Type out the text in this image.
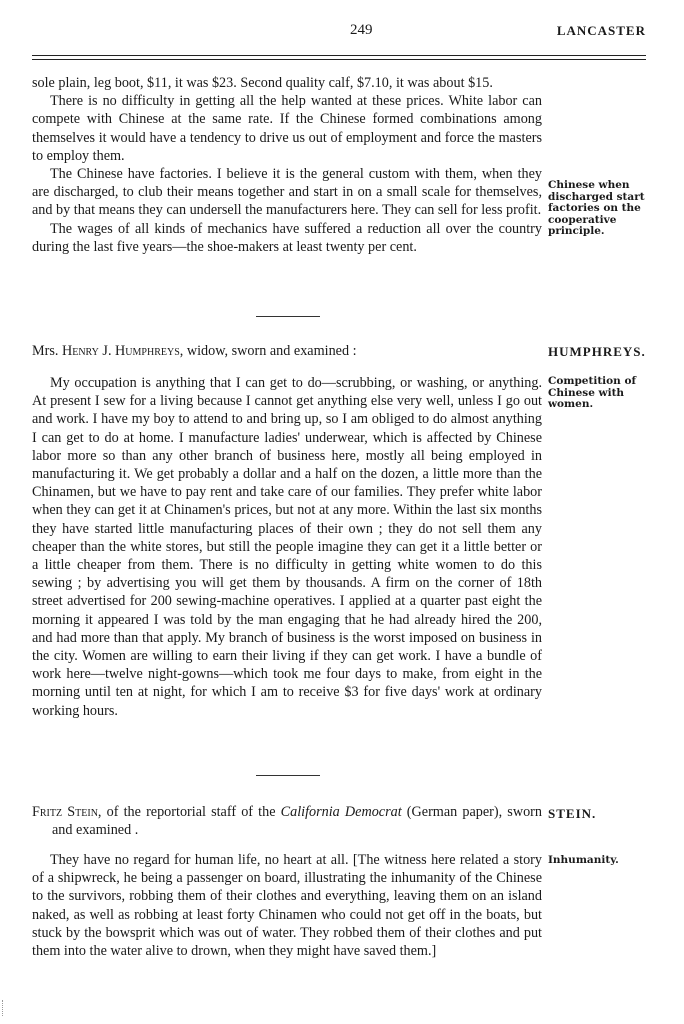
249	LANCASTER

sole plain, leg boot, $11, it was $23. Second quality calf, $7.10, it was about $15.

There is no difficulty in getting all the help wanted at these prices. White labor can compete with Chinese at the same rate. If the Chinese formed combinations among themselves it would have a tendency to drive us out of employment and force the masters to employ them.

The Chinese have factories. I believe it is the general custom with them, when they are discharged, to club their means together and start in on a small scale for themselves, and by that means they can undersell the manufacturers here. They can sell for less profit.

The wages of all kinds of mechanics have suffered a reduction all over the country during the last five years—the shoe-makers at least twenty per cent.

Chinese when discharged start factories on the cooperative principle.

Mrs. Henry J. Humphreys, widow, sworn and examined :	HUMPHREYS.

My occupation is anything that I can get to do—scrubbing, or washing, or anything. At present I sew for a living because I cannot get anything else very well, unless I go out and work. I have my boy to attend to and bring up, so I am obliged to do almost anything I can get to do at home. I manufacture ladies' underwear, which is affected by Chinese labor more so than any other branch of business here, mostly all being employed in manufacturing it. We get probably a dollar and a half on the dozen, a little more than the Chinamen, but we have to pay rent and take care of our families. They prefer white labor when they can get it at Chinamen's prices, but not at any more. Within the last six months they have started little manufacturing places of their own ; they do not sell them any cheaper than the white stores, but still the people imagine they can get it a little better or a little cheaper from them. There is no difficulty in getting white women to do this sewing ; by advertising you will get them by thousands. A firm on the corner of 18th street advertised for 200 sewing-machine operatives. I applied at a quarter past eight the morning it appeared I was told by the man engaging that he had already hired the 200, and had more than that apply. My branch of business is the worst imposed on business in the city. Women are willing to earn their living if they can get work. I have a bundle of work here—twelve night-gowns—which took me four days to make, from eight in the morning until ten at night, for which I am to receive $3 for five days' work at ordinary working hours.

Competition of Chinese with women.

Fritz Stein, of the reportorial staff of the California Democrat (German paper), sworn and examined .

STEIN.

They have no regard for human life, no heart at all. [The witness here related a story of a shipwreck, he being a passenger on board, illustrating the inhumanity of the Chinese to the survivors, robbing them of their clothes and everything, leaving them on an island naked, as well as robbing at least forty Chinamen who could not get off in the boats, but stuck by the bowsprit which was out of water. They robbed them of their clothes and put them into the water alive to drown, when they might have saved them.]

Inhumanity.
